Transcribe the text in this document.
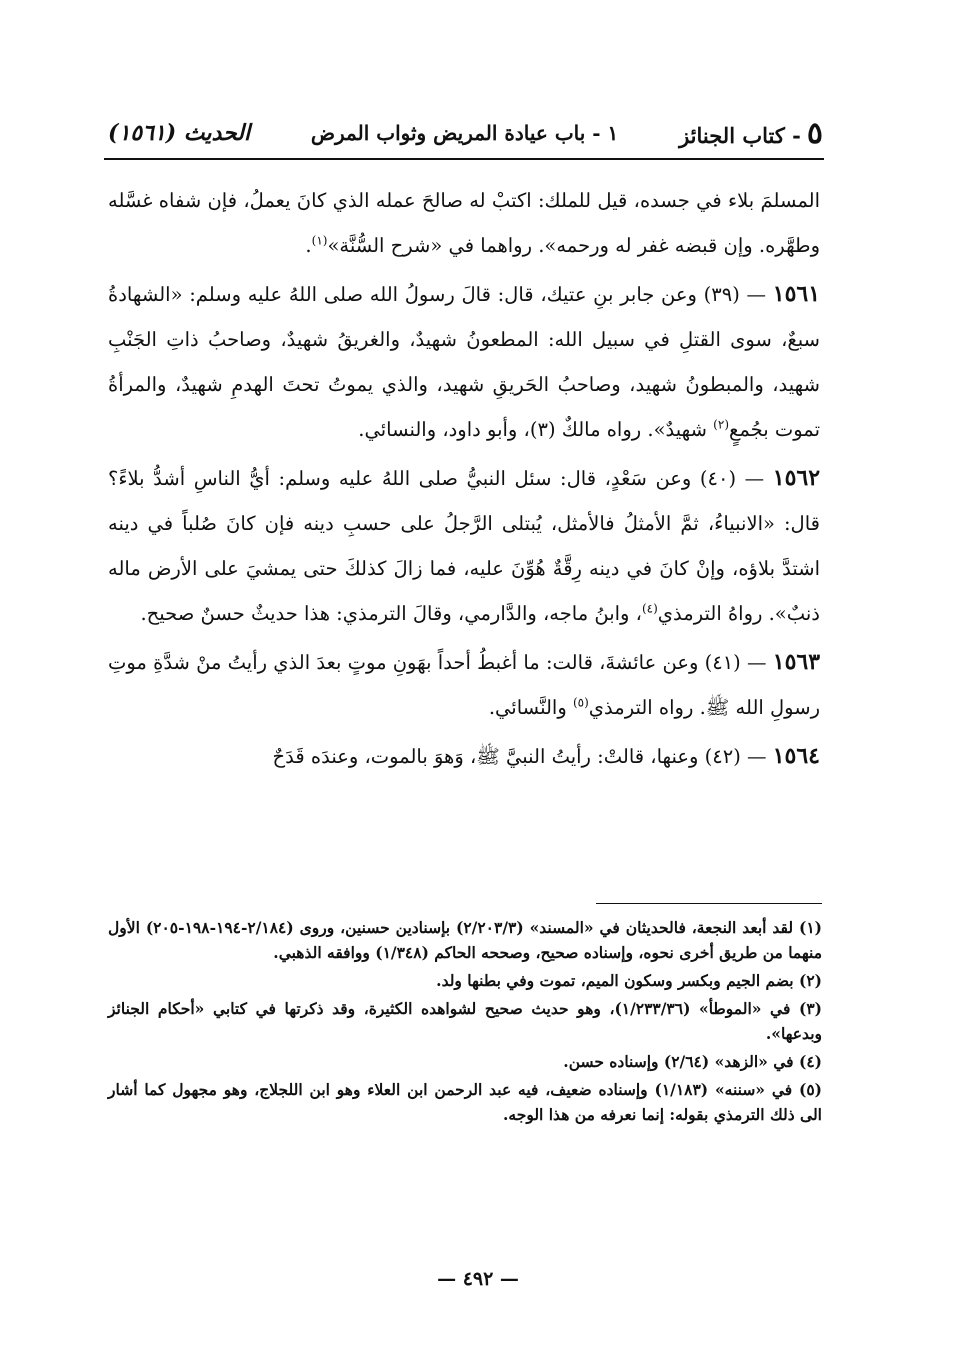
٥- كتاب الجنائز
١ - باب عيادة المريض وثواب المرض
الحديث (١٥٦١)

المسلمَ بلاء في جسده، قيل للملك: اكتبْ له صالحَ عمله الذي كانَ يعملُ، فإن شفاه غسَّله وطهَّره. وإن قبضه غفر له ورحمه». رواهما في «شرح السُّنَّة»$^{(١)}$.

١٥٦١ — (٣٩) وعن جابر بنِ عتيك، قال: قالَ رسولُ الله صلى اللهُ عليه وسلم: «الشهادةُ سبعٌ، سوى القتلِ في سبيل الله: المطعونُ شهيدٌ، والغريقُ شهيدٌ، وصاحبُ ذاتِ الجَنْبِ شهيد، والمبطونُ شهيد، وصاحبُ الحَريقِ شهيد، والذي يموتُ تحتَ الهدمِ شهيدٌ، والمرأةُ تموت بجُمعٍ$^{(٢)}$ شهيدٌ». رواه مالكٌ (٣)، وأبو داود، والنسائي.

١٥٦٢ — (٤٠) وعن سَعْدٍ، قال: سئل النبيُّ صلى اللهُ عليه وسلم: أيُّ الناسِ أشدُّ بلاءً؟ قال: «الانبياءُ، ثمَّ الأمثلُ فالأمثل، يُبتلى الرَّجلُ على حسبِ دينه فإن كانَ صُلباً في دينه اشتدَّ بلاؤه، وإنْ كانَ في دينه رِقَّةٌ هُوِّنَ عليه، فما زالَ كذلكَ حتى يمشيَ على الأرض ماله ذنبٌ». رواهُ الترمذي$^{(٤)}$، وابنُ ماجه، والدَّارمي، وقالَ الترمذي: هذا حديثٌ حسنٌ صحيح.

١٥٦٣ — (٤١) وعن عائشةَ، قالت: ما أغبطُ أحداً بهَونِ موتٍ بعدَ الذي رأيتُ منْ شدَّةِ موتِ رسولِ الله ﷺ. رواه الترمذي$^{(٥)}$ والنَّسائي.

١٥٦٤ — (٤٢) وعنها، قالتْ: رأيتُ النبيَّ ﷺ، وَهوَ بالموت، وعندَه قَدَحٌ

(١) لقد أبعد النجعة، فالحديثان في «المسند» (٢/٢٠٣/٣) بإسنادين حسنين، وروى (٢/١٨٤-١٩٤-١٩٨-٢٠٥) الأول منهما من طريق أخرى نحوه، وإسناده صحيح، وصححه الحاكم (١/٣٤٨) ووافقه الذهبي.

(٢) بضم الجيم وبكسر وسكون الميم، تموت وفي بطنها ولد.

(٣) في «الموطأ» (١/٢٣٣/٣٦)، وهو حديث صحيح لشواهده الكثيرة، وقد ذكرتها في كتابي «أحكام الجنائز وبدعها».

(٤) في «الزهد» (٢/٦٤) وإسناده حسن.

(٥) في «سننه» (١/١٨٣) وإسناده ضعيف، فيه عبد الرحمن ابن العلاء وهو ابن اللجلاج، وهو مجهول كما أشار الى ذلك الترمذي بقوله: إنما نعرفه من هذا الوجه.

— ٤٩٢ —
